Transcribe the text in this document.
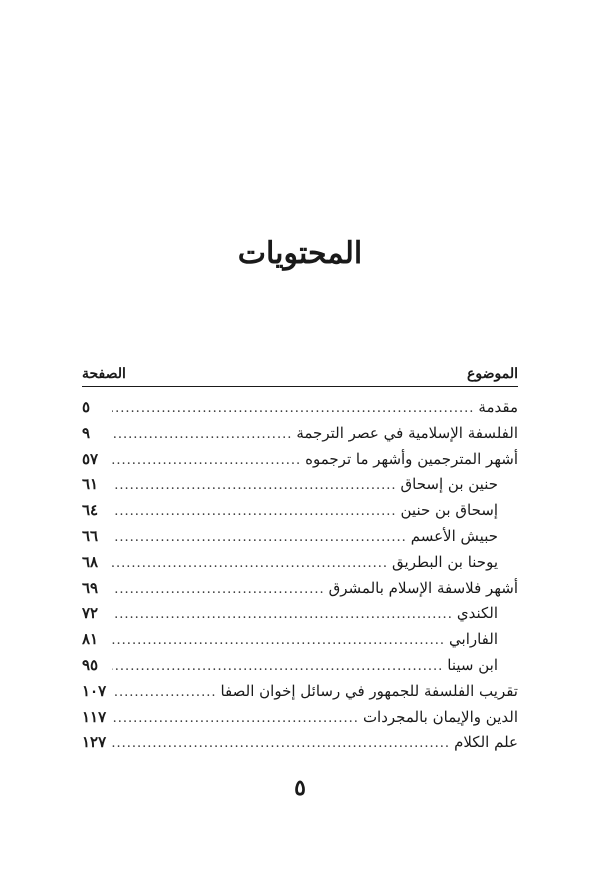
المحتويات
الموضوع
الصفحة
مقدمة
.....
٥
الفلسفة الإسلامية في عصر الترجمة
.....
٩
أشهر المترجمين وأشهر ما ترجموه
.....
٥٧
حنين بن إسحاق
.....
٦١
إسحاق بن حنين
.....
٦٤
حبيش الأعسم
.....
٦٦
يوحنا بن البطريق
.....
٦٨
أشهر فلاسفة الإسلام بالمشرق
.....
٦٩
الكندي
.....
٧٢
الفارابي
.....
٨١
ابن سينا
.....
٩٥
تقريب الفلسفة للجمهور في رسائل إخوان الصفا
.....
١٠٧
الدين والإيمان بالمجردات
.....
١١٧
علم الكلام
.....
١٢٧
٥
